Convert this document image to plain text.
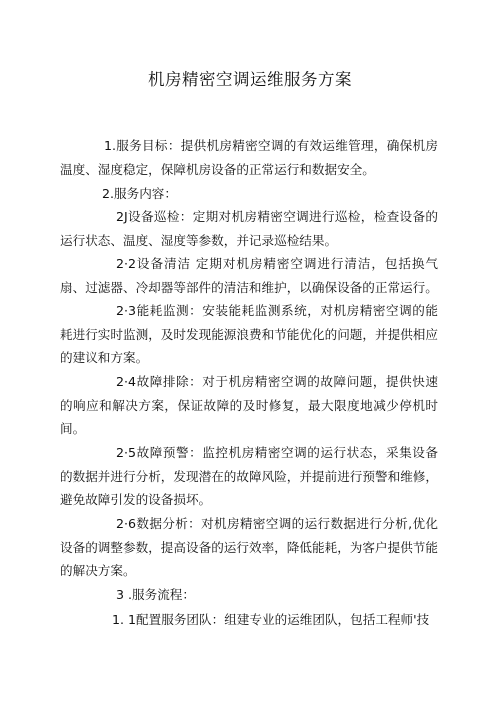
机房精密空调运维服务方案
1.服务目标：提供机房精密空调的有效运维管理，确保机房温度、湿度稳定，保障机房设备的正常运行和数据安全。
2.服务内容：
2J设备巡检：定期对机房精密空调进行巡检，检查设备的运行状态、温度、湿度等参数，并记录巡检结果。
2·2设备清洁 定期对机房精密空调进行清洁，包括换气扇、过滤器、冷却器等部件的清洁和维护，以确保设备的正常运行。
2·3能耗监测：安装能耗监测系统，对机房精密空调的能耗进行实时监测，及时发现能源浪费和节能优化的问题，并提供相应的建议和方案。
2·4故障排除：对于机房精密空调的故障问题，提供快速的响应和解决方案，保证故障的及时修复，最大限度地减少停机时间。
2·5故障预警：监控机房精密空调的运行状态，采集设备的数据并进行分析，发现潜在的故障风险，并提前进行预警和维修，避免故障引发的设备损坏。
2·6数据分析：对机房精密空调的运行数据进行分析,优化设备的调整参数，提高设备的运行效率，降低能耗，为客户提供节能的解决方案。
3 .服务流程：
1. 1配置服务团队：组建专业的运维团队，包括工程师'技
